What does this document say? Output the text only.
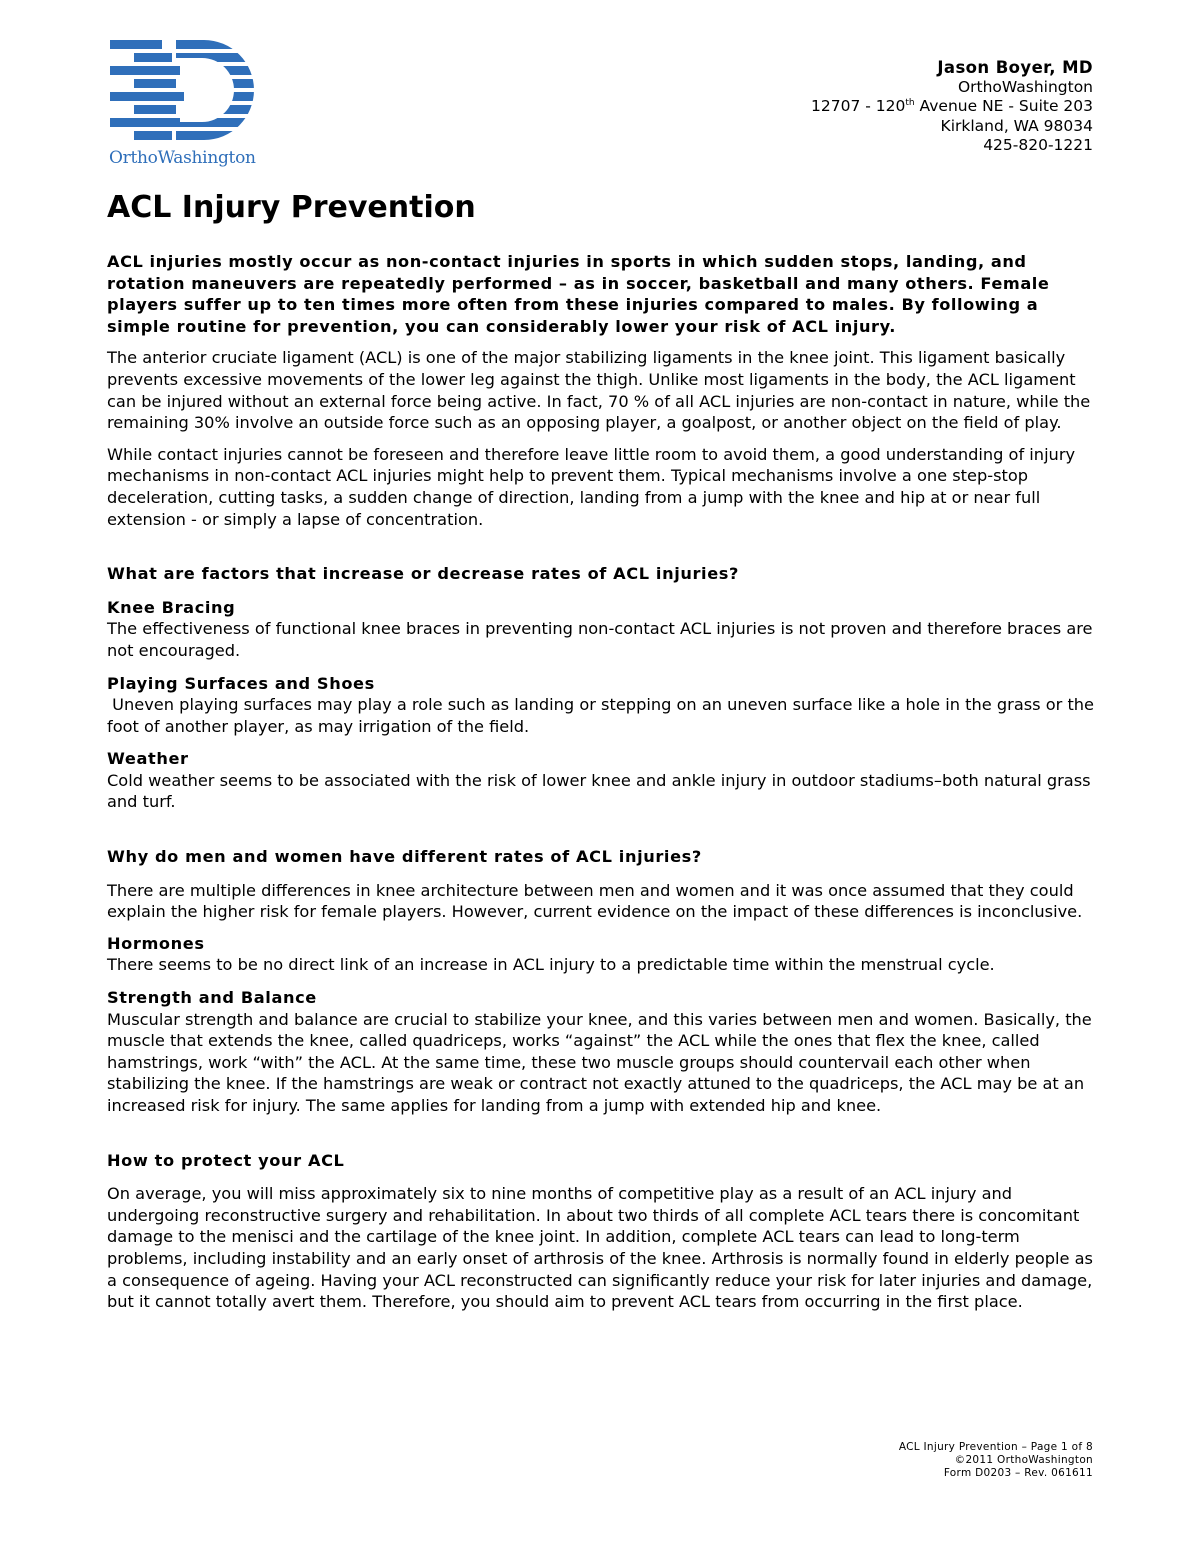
OrthoWashington
Jason Boyer, MD
OrthoWashington
12707 - 120th Avenue NE - Suite 203
Kirkland, WA 98034
425-820-1221
ACL Injury Prevention

ACL injuries mostly occur as non-contact injuries in sports in which sudden stops, landing, and rotation maneuvers are repeatedly performed – as in soccer, basketball and many others. Female players suffer up to ten times more often from these injuries compared to males. By following a simple routine for prevention, you can considerably lower your risk of ACL injury.

The anterior cruciate ligament (ACL) is one of the major stabilizing ligaments in the knee joint. This ligament basically prevents excessive movements of the lower leg against the thigh. Unlike most ligaments in the body, the ACL ligament can be injured without an external force being active. In fact, 70 % of all ACL injuries are non-contact in nature, while the remaining 30% involve an outside force such as an opposing player, a goalpost, or another object on the field of play.

While contact injuries cannot be foreseen and therefore leave little room to avoid them, a good understanding of injury mechanisms in non-contact ACL injuries might help to prevent them. Typical mechanisms involve a one step-stop deceleration, cutting tasks, a sudden change of direction, landing from a jump with the knee and hip at or near full extension - or simply a lapse of concentration.

What are factors that increase or decrease rates of ACL injuries?
Knee Bracing

The effectiveness of functional knee braces in preventing non-contact ACL injuries is not proven and therefore braces are not encouraged.

Playing Surfaces and Shoes

Uneven playing surfaces may play a role such as landing or stepping on an uneven surface like a hole in the grass or the foot of another player, as may irrigation of the field.

Weather

Cold weather seems to be associated with the risk of lower knee and ankle injury in outdoor stadiums–both natural grass and turf.

Why do men and women have different rates of ACL injuries?

There are multiple differences in knee architecture between men and women and it was once assumed that they could explain the higher risk for female players. However, current evidence on the impact of these differences is inconclusive.

Hormones

There seems to be no direct link of an increase in ACL injury to a predictable time within the menstrual cycle.

Strength and Balance

Muscular strength and balance are crucial to stabilize your knee, and this varies between men and women. Basically, the muscle that extends the knee, called quadriceps, works “against” the ACL while the ones that flex the knee, called hamstrings, work “with” the ACL. At the same time, these two muscle groups should countervail each other when stabilizing the knee. If the hamstrings are weak or contract not exactly attuned to the quadriceps, the ACL may be at an increased risk for injury. The same applies for landing from a jump with extended hip and knee.

How to protect your ACL

On average, you will miss approximately six to nine months of competitive play as a result of an ACL injury and undergoing reconstructive surgery and rehabilitation. In about two thirds of all complete ACL tears there is concomitant damage to the menisci and the cartilage of the knee joint. In addition, complete ACL tears can lead to long-term problems, including instability and an early onset of arthrosis of the knee. Arthrosis is normally found in elderly people as a consequence of ageing. Having your ACL reconstructed can significantly reduce your risk for later injuries and damage, but it cannot totally avert them. Therefore, you should aim to prevent ACL tears from occurring in the first place.

ACL Injury Prevention – Page 1 of 8
©2011 OrthoWashington
Form D0203 – Rev. 061611
